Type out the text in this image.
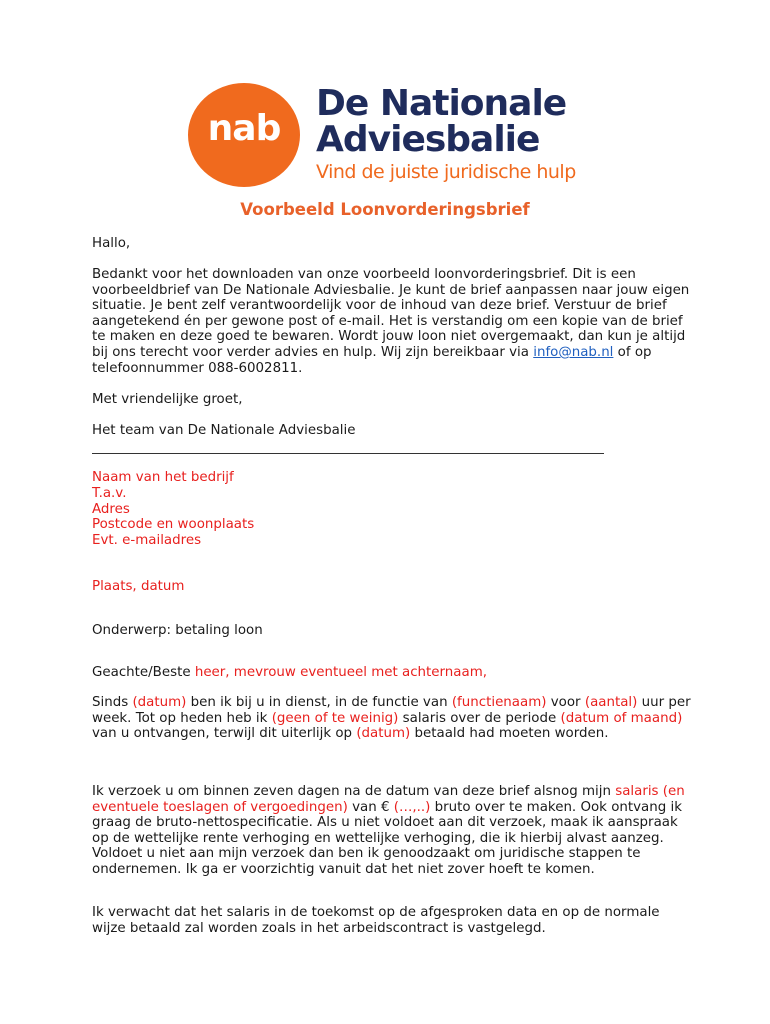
nab
De Nationale
Adviesbalie
Vind de juiste juridische hulp
Voorbeeld Loonvorderingsbrief

Hallo,

Bedankt voor het downloaden van onze voorbeeld loonvorderingsbrief. Dit is een voorbeeldbrief van De Nationale Adviesbalie. Je kunt de brief aanpassen naar jouw eigen situatie. Je bent zelf verantwoordelijk voor de inhoud van deze brief. Verstuur de brief aangetekend én per gewone post of e-mail. Het is verstandig om een kopie van de brief te maken en deze goed te bewaren. Wordt jouw loon niet overgemaakt, dan kun je altijd bij ons terecht voor verder advies en hulp. Wij zijn bereikbaar via info@nab.nl of op telefoonnummer 088-6002811.

Met vriendelijke groet,

Het team van De Nationale Adviesbalie

Naam van het bedrijf

T.a.v.

Adres

Postcode en woonplaats

Evt. e-mailadres

Plaats, datum

Onderwerp: betaling loon

Geachte/Beste heer, mevrouw eventueel met achternaam,

Sinds (datum) ben ik bij u in dienst, in de functie van (functienaam) voor (aantal) uur per week. Tot op heden heb ik (geen of te weinig) salaris over de periode (datum of maand) van u ontvangen, terwijl dit uiterlijk op (datum) betaald had moeten worden.

Ik verzoek u om binnen zeven dagen na de datum van deze brief alsnog mijn salaris (en eventuele toeslagen of vergoedingen) van € (…,..) bruto over te maken. Ook ontvang ik graag de bruto-nettospecificatie. Als u niet voldoet aan dit verzoek, maak ik aanspraak op de wettelijke rente verhoging en wettelijke verhoging, die ik hierbij alvast aanzeg. Voldoet u niet aan mijn verzoek dan ben ik genoodzaakt om juridische stappen te ondernemen. Ik ga er voorzichtig vanuit dat het niet zover hoeft te komen.

Ik verwacht dat het salaris in de toekomst op de afgesproken data en op de normale wijze betaald zal worden zoals in het arbeidscontract is vastgelegd.
